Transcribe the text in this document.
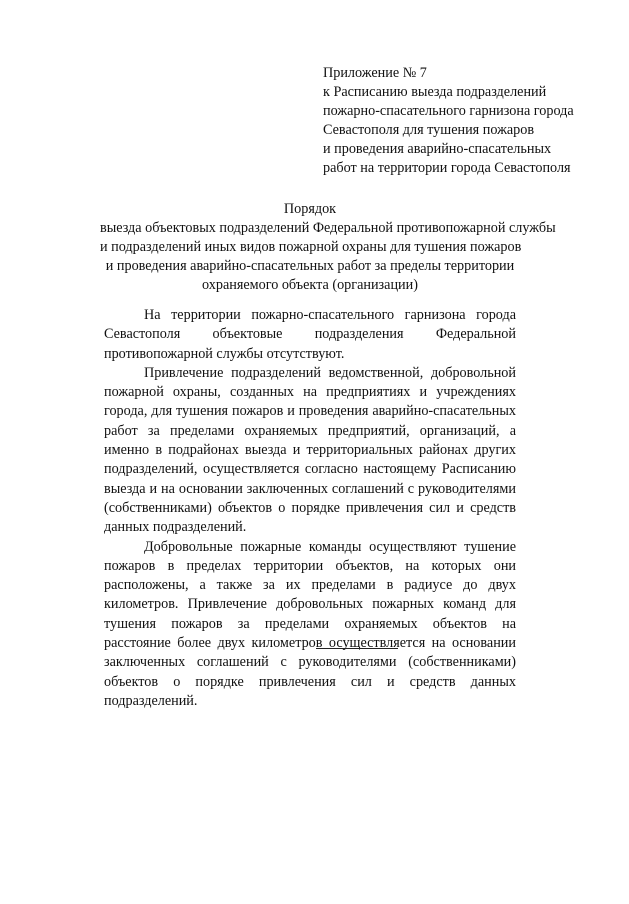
Приложение № 7
к Расписанию выезда подразделений
пожарно-спасательного гарнизона города
Севастополя для тушения пожаров
и проведения аварийно-спасательных
работ на территории города Севастополя
Порядок
выезда объектовых подразделений Федеральной противопожарной службы
и подразделений иных видов пожарной охраны для тушения пожаров
и проведения аварийно-спасательных работ за пределы территории
охраняемого объекта (организации)

На территории пожарно-спасательного гарнизона города Севастополя объектовые подразделения Федеральной противопожарной службы отсутствуют.

Привлечение подразделений ведомственной, добровольной пожарной охраны, созданных на предприятиях и учреждениях города, для тушения пожаров и проведения аварийно-спасательных работ за пределами охраняемых предприятий, организаций, а именно в подрайонах выезда и территориальных районах других подразделений, осуществляется согласно настоящему Расписанию выезда и на основании заключенных соглашений с руководителями (собственниками) объектов о порядке привлечения сил и средств данных подразделений.

Добровольные пожарные команды осуществляют тушение пожаров в пределах территории объектов, на которых они расположены, а также за их пределами в радиусе до двух километров. Привлечение добровольных пожарных команд для тушения пожаров за пределами охраняемых объектов на расстояние более двух километров осуществляется на основании заключенных соглашений с руководителями (собственниками) объектов о порядке привлечения сил и средств данных подразделений.
